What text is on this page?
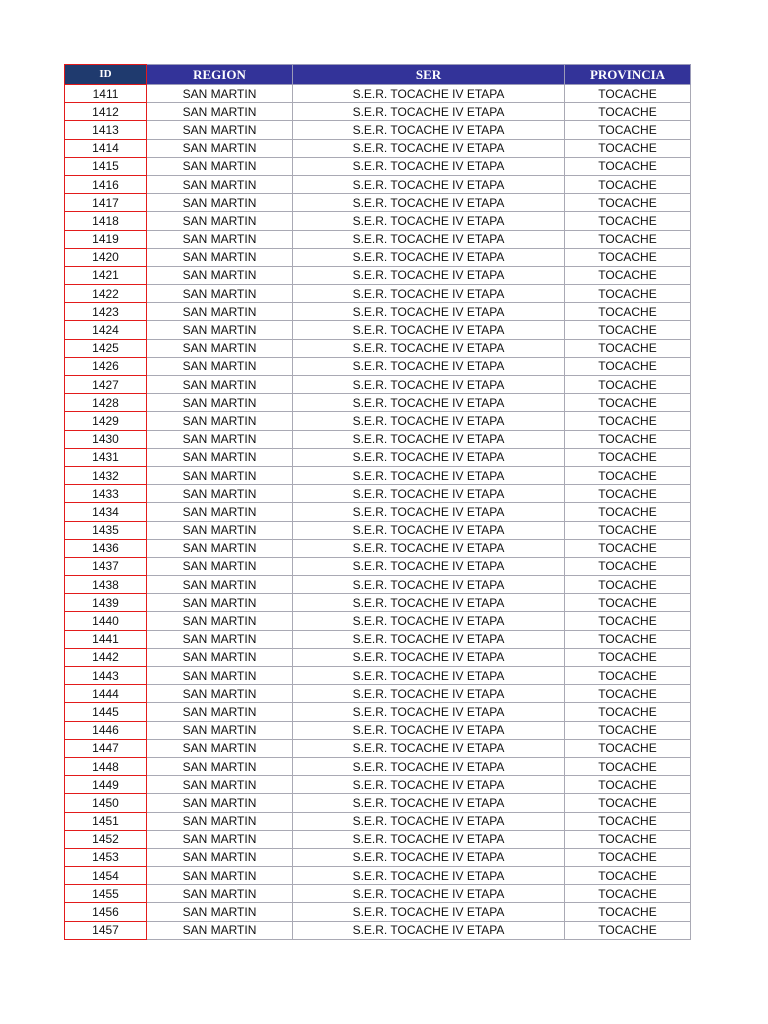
ID	REGION	SER	PROVINCIA
1411	SAN MARTIN	S.E.R. TOCACHE IV ETAPA	TOCACHE
1412	SAN MARTIN	S.E.R. TOCACHE IV ETAPA	TOCACHE
1413	SAN MARTIN	S.E.R. TOCACHE IV ETAPA	TOCACHE
1414	SAN MARTIN	S.E.R. TOCACHE IV ETAPA	TOCACHE
1415	SAN MARTIN	S.E.R. TOCACHE IV ETAPA	TOCACHE
1416	SAN MARTIN	S.E.R. TOCACHE IV ETAPA	TOCACHE
1417	SAN MARTIN	S.E.R. TOCACHE IV ETAPA	TOCACHE
1418	SAN MARTIN	S.E.R. TOCACHE IV ETAPA	TOCACHE
1419	SAN MARTIN	S.E.R. TOCACHE IV ETAPA	TOCACHE
1420	SAN MARTIN	S.E.R. TOCACHE IV ETAPA	TOCACHE
1421	SAN MARTIN	S.E.R. TOCACHE IV ETAPA	TOCACHE
1422	SAN MARTIN	S.E.R. TOCACHE IV ETAPA	TOCACHE
1423	SAN MARTIN	S.E.R. TOCACHE IV ETAPA	TOCACHE
1424	SAN MARTIN	S.E.R. TOCACHE IV ETAPA	TOCACHE
1425	SAN MARTIN	S.E.R. TOCACHE IV ETAPA	TOCACHE
1426	SAN MARTIN	S.E.R. TOCACHE IV ETAPA	TOCACHE
1427	SAN MARTIN	S.E.R. TOCACHE IV ETAPA	TOCACHE
1428	SAN MARTIN	S.E.R. TOCACHE IV ETAPA	TOCACHE
1429	SAN MARTIN	S.E.R. TOCACHE IV ETAPA	TOCACHE
1430	SAN MARTIN	S.E.R. TOCACHE IV ETAPA	TOCACHE
1431	SAN MARTIN	S.E.R. TOCACHE IV ETAPA	TOCACHE
1432	SAN MARTIN	S.E.R. TOCACHE IV ETAPA	TOCACHE
1433	SAN MARTIN	S.E.R. TOCACHE IV ETAPA	TOCACHE
1434	SAN MARTIN	S.E.R. TOCACHE IV ETAPA	TOCACHE
1435	SAN MARTIN	S.E.R. TOCACHE IV ETAPA	TOCACHE
1436	SAN MARTIN	S.E.R. TOCACHE IV ETAPA	TOCACHE
1437	SAN MARTIN	S.E.R. TOCACHE IV ETAPA	TOCACHE
1438	SAN MARTIN	S.E.R. TOCACHE IV ETAPA	TOCACHE
1439	SAN MARTIN	S.E.R. TOCACHE IV ETAPA	TOCACHE
1440	SAN MARTIN	S.E.R. TOCACHE IV ETAPA	TOCACHE
1441	SAN MARTIN	S.E.R. TOCACHE IV ETAPA	TOCACHE
1442	SAN MARTIN	S.E.R. TOCACHE IV ETAPA	TOCACHE
1443	SAN MARTIN	S.E.R. TOCACHE IV ETAPA	TOCACHE
1444	SAN MARTIN	S.E.R. TOCACHE IV ETAPA	TOCACHE
1445	SAN MARTIN	S.E.R. TOCACHE IV ETAPA	TOCACHE
1446	SAN MARTIN	S.E.R. TOCACHE IV ETAPA	TOCACHE
1447	SAN MARTIN	S.E.R. TOCACHE IV ETAPA	TOCACHE
1448	SAN MARTIN	S.E.R. TOCACHE IV ETAPA	TOCACHE
1449	SAN MARTIN	S.E.R. TOCACHE IV ETAPA	TOCACHE
1450	SAN MARTIN	S.E.R. TOCACHE IV ETAPA	TOCACHE
1451	SAN MARTIN	S.E.R. TOCACHE IV ETAPA	TOCACHE
1452	SAN MARTIN	S.E.R. TOCACHE IV ETAPA	TOCACHE
1453	SAN MARTIN	S.E.R. TOCACHE IV ETAPA	TOCACHE
1454	SAN MARTIN	S.E.R. TOCACHE IV ETAPA	TOCACHE
1455	SAN MARTIN	S.E.R. TOCACHE IV ETAPA	TOCACHE
1456	SAN MARTIN	S.E.R. TOCACHE IV ETAPA	TOCACHE
1457	SAN MARTIN	S.E.R. TOCACHE IV ETAPA	TOCACHE
